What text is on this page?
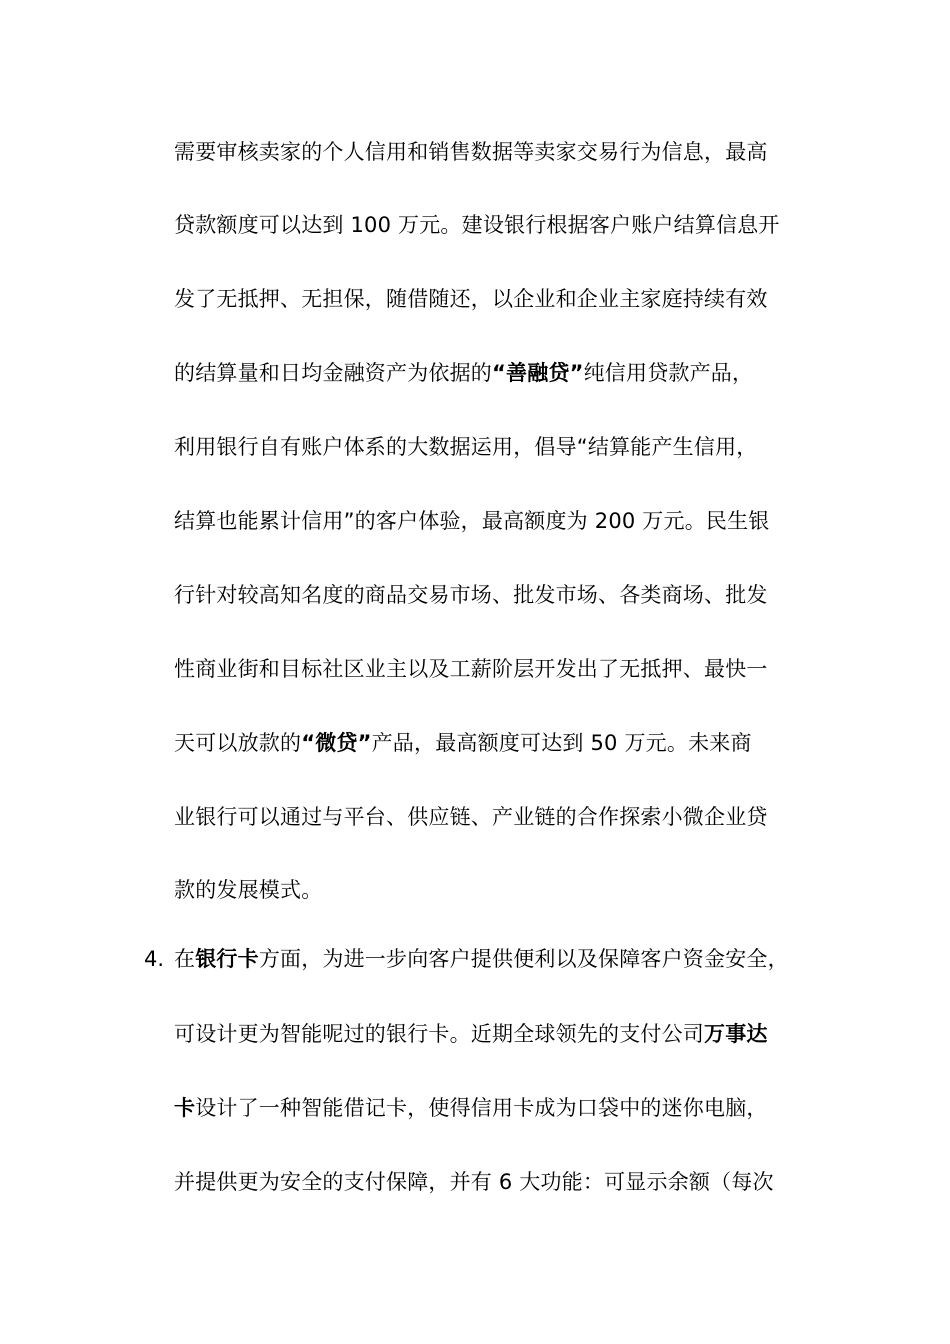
需要审核卖家的个人信用和销售数据等卖家交易行为信息，最高
贷款额度可以达到 100 万元。建设银行根据客户账户结算信息开
发了无抵押、无担保，随借随还，以企业和企业主家庭持续有效
的结算量和日均金融资产为依据的“善融贷”纯信用贷款产品，
利用银行自有账户体系的大数据运用，倡导“结算能产生信用，
结算也能累计信用”的客户体验，最高额度为 200 万元。民生银
行针对较高知名度的商品交易市场、批发市场、各类商场、批发
性商业街和目标社区业主以及工薪阶层开发出了无抵押、最快一
天可以放款的“微贷”产品，最高额度可达到 50 万元。未来商
业银行可以通过与平台、供应链、产业链的合作探索小微企业贷
款的发展模式。
4. 在银行卡方面，为进一步向客户提供便利以及保障客户资金安全，
可设计更为智能呢过的银行卡。近期全球领先的支付公司万事达
卡设计了一种智能借记卡，使得信用卡成为口袋中的迷你电脑，
并提供更为安全的支付保障，并有 6 大功能：可显示余额（每次
